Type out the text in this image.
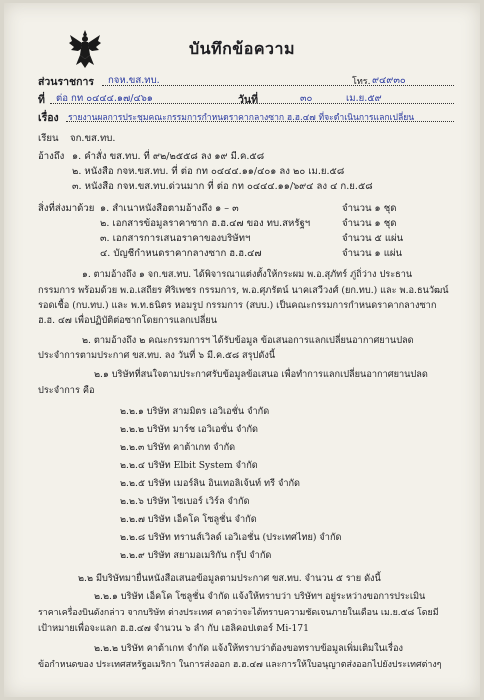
บันทึกข้อความ
ส่วนราชการ กจห.ขส.ทบ.	โทร. ๙๔๙๓๐
ที่ ต่อ กท ๐๔๔๔.๑๗/๔๖๑	วันที่	๓๐	เม.ย.๕๙
เรื่อง รายงานผลการประชุมคณะกรรมการกำหนดราคากลางซาก ฮ.ฮ.๔๗ ที่จะดำเนินการแลกเปลี่ยน
เรียน จก.ขส.ทบ.
อ้างถึง ๑. คำสั่ง ขส.ทบ. ที่ ๙๒/๒๕๕๘ ลง ๑๙ มี.ค.๕๘
๒. หนังสือ กจห.ขส.ทบ. ที่ ต่อ กท ๐๔๔๔.๑๑/๔๐๑ ลง ๒๐ เม.ย.๕๘
๓. หนังสือ กจห.ขส.ทบ.ด่วนมาก ที่ ต่อ กท ๐๔๔๔.๑๑/๖๙๔ ลง ๔ ก.ย.๕๘
สิ่งที่ส่งมาด้วย ๑. สำเนาหนังสือตามอ้างถึง ๑ – ๓	จำนวน ๑ ชุด
๒. เอกสารข้อมูลราคาซาก ฮ.ฮ.๔๗ ของ ทบ.สหรัฐฯ	จำนวน ๑ ชุด
๓. เอกสารการเสนอราคาของบริษัทฯ	จำนวน ๕ แผ่น
๔. บัญชีกำหนดราคากลางซาก ฮ.ฮ.๔๗	จำนวน ๑ แผ่น
๑. ตามอ้างถึง ๑ จก.ขส.ทบ. ได้พิจารณาแต่งตั้งให้กระผม พ.อ.สุภัทร์ ภู่ถิ่ว่าง ประธาน
กรรมการ พร้อมด้วย พ.อ.เสถียร ศิริเพชร กรรมการ, พ.อ.ศุภรัตน์ นาคเสวีวงศ์ (ยก.ทบ.) และ พ.อ.ธนวัฒน์
รอดเชื้อ (กบ.ทบ.) และ พ.ท.ธนิตร หอมรูป กรรมการ (สบบ.) เป็นคณะกรรมการกำหนดราคากลางซาก
ฮ.ฮ. ๔๗ เพื่อปฏิบัติต่อซากโดยการแลกเปลี่ยน
๒. ตามอ้างถึง ๒ คณะกรรมการฯ ได้รับข้อมูล ข้อเสนอการแลกเปลี่ยนอากาศยานปลด
ประจำการตามประกาศ ขส.ทบ. ลง วันที่ ๖ มี.ค.๕๘ สรุปดังนี้
๒.๑ บริษัทที่สนใจตามประกาศรับข้อมูลข้อเสนอ เพื่อทำการแลกเปลี่ยนอากาศยานปลด
ประจำการ คือ
๒.๒.๑ บริษัท สามมิตร เอวิเอชั่น จำกัด
๒.๒.๒ บริษัท มาร์ช เอวิเอชั่น จำกัด
๒.๒.๓ บริษัท คาต้าเกท จำกัด
๒.๒.๔ บริษัท Elbit System จำกัด
๒.๒.๕ บริษัท เมอร์ลิน อินเทอลิเจ้นท์ ทรี จำกัด
๒.๒.๖ บริษัท ไซเบอร์ เวิร์ล จำกัด
๒.๒.๗ บริษัท เอ็คโค โซลูชั่น จำกัด
๒.๒.๘ บริษัท ทรานส์เวิลด์ เอวิเอชั่น (ประเทศไทย) จำกัด
๒.๒.๙ บริษัท สยามอเมริกัน กรุ๊ป จำกัด
๒.๒ มีบริษัทมายื่นหนังสือเสนอข้อมูลตามประกาศ ขส.ทบ. จำนวน ๕ ราย ดังนี้
๒.๒.๑ บริษัท เอ็คโค โซลูชั่น จำกัด แจ้งให้ทราบว่า บริษัทฯ อยู่ระหว่างขอการประเมิน
ราคาเครื่องบินดังกล่าว จากบริษัท ต่างประเทศ คาดว่าจะได้ทราบความชัดเจนภายในเดือน เม.ย.๕๘ โดยมี
เป้าหมายเพื่อจะแลก ฮ.ฮ.๔๗ จำนวน ๖ ลำ กับ เฮลิคอปเตอร์ Mi-171
๒.๒.๒ บริษัท คาต้าเกท จำกัด แจ้งให้ทราบว่าต้องขอทราบข้อมูลเพิ่มเติมในเรื่อง
ข้อกำหนดของ ประเทศสหรัฐอเมริกา ในการส่งออก ฮ.ฮ.๔๗ และการให้ใบอนุญาตส่งออกไปยังประเทศต่างๆ
